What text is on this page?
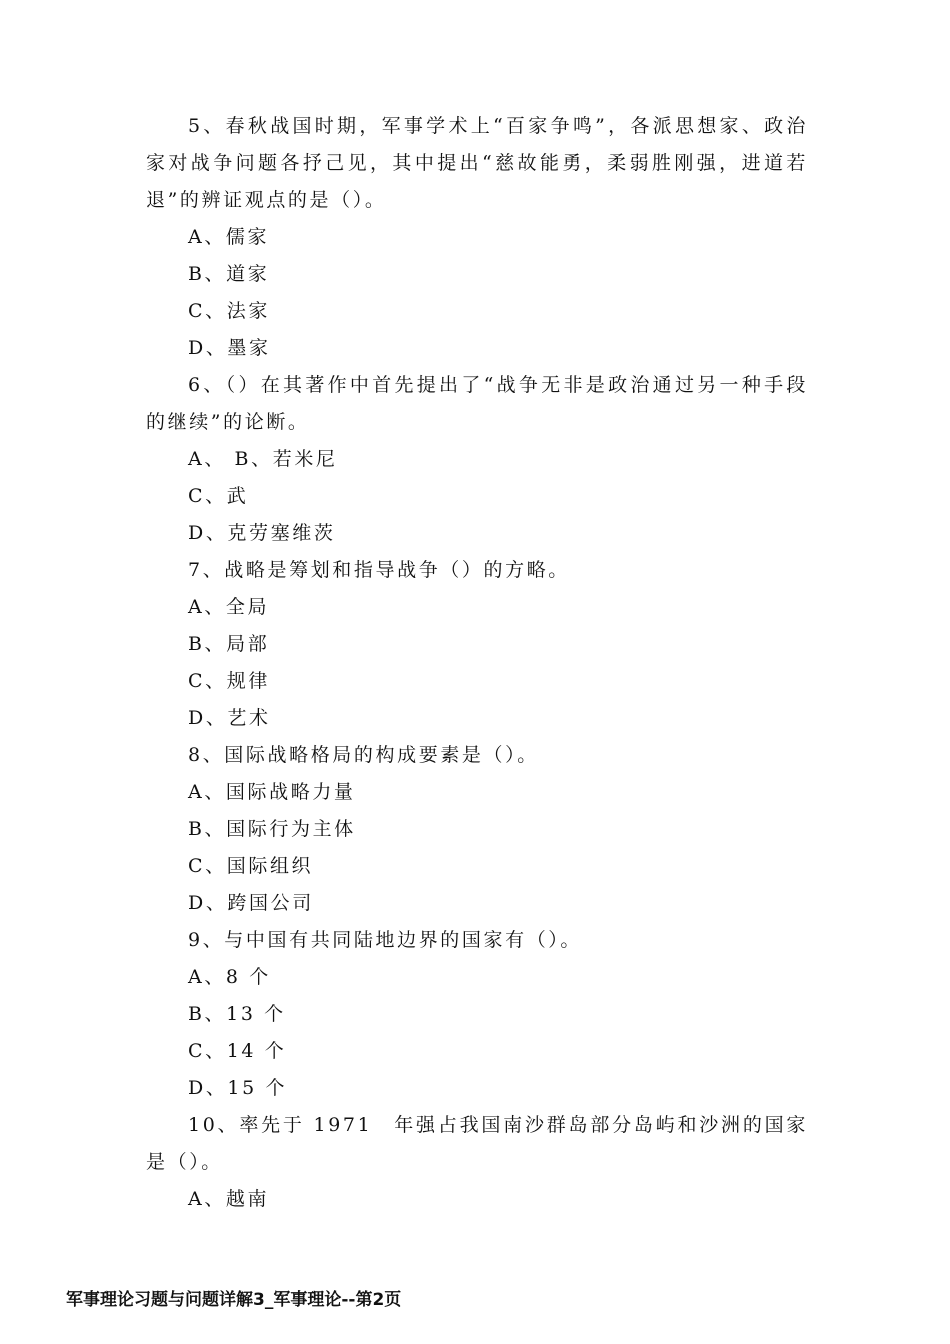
5、春秋战国时期，军事学术上“百家争鸣”，各派思想家、政治家对战争问题各抒己见，其中提出“慈故能勇，柔弱胜刚强，进道若退”的辨证观点的是（）。

A、儒家

B、道家

C、法家

D、墨家

6、（）在其著作中首先提出了“战争无非是政治通过另一种手段的继续”的论断。

A、 B、若米尼

C、武

D、克劳塞维茨

7、战略是筹划和指导战争（）的方略。

A、全局

B、局部

C、规律

D、艺术

8、国际战略格局的构成要素是（）。

A、国际战略力量

B、国际行为主体

C、国际组织

D、跨国公司

9、与中国有共同陆地边界的国家有（）。

A、8 个

B、13 个

C、14 个

D、15 个

10、率先于 1971　年强占我国南沙群岛部分岛屿和沙洲的国家是（）。

A、越南

军事理论习题与问题详解3_军事理论--第2页
